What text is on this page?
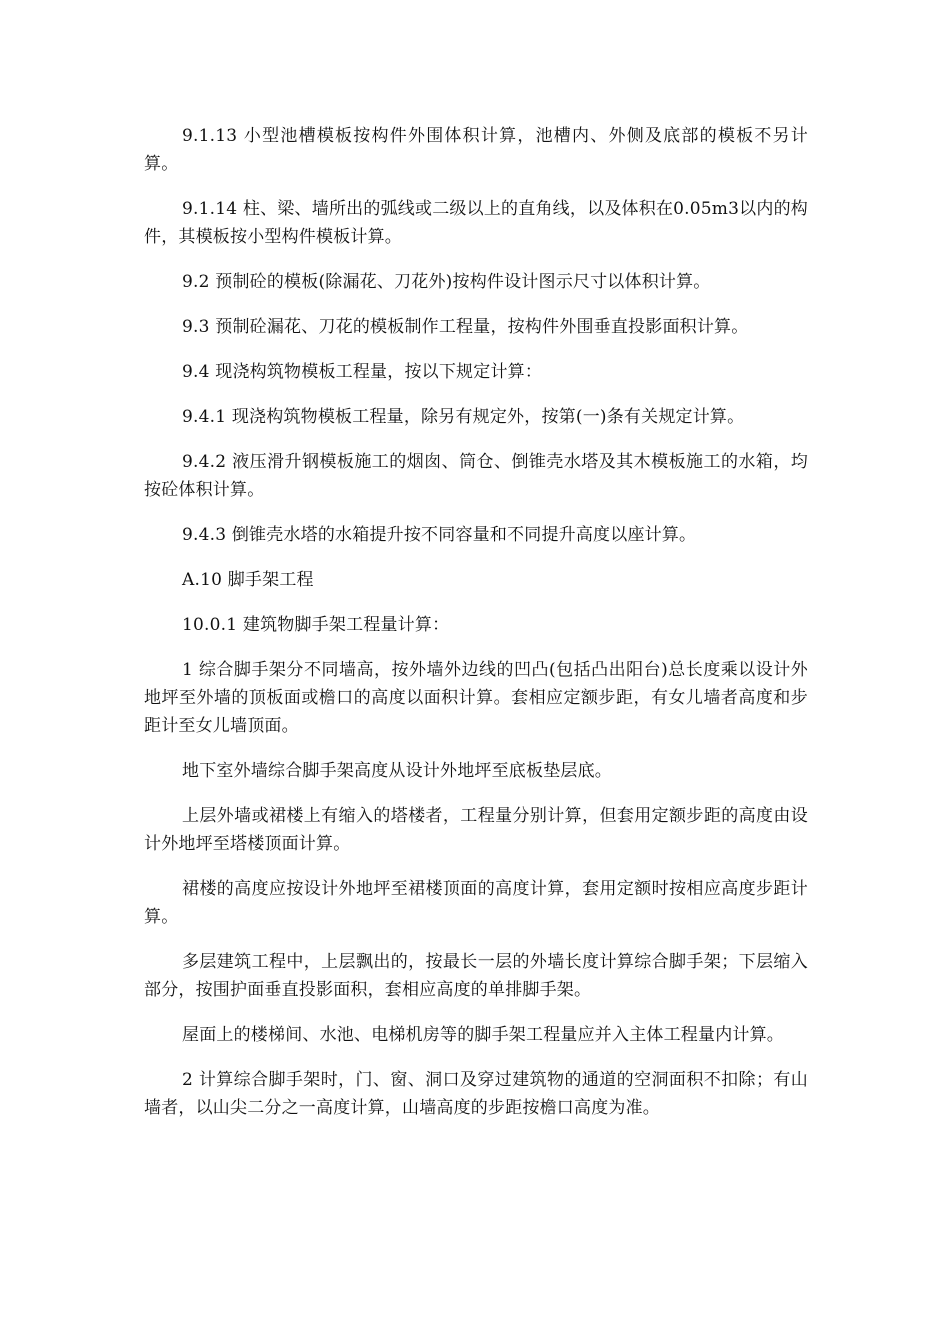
9.1.13 小型池槽模板按构件外围体积计算，池槽内、外侧及底部的模板不另计算。

9.1.14 柱、梁、墙所出的弧线或二级以上的直角线，以及体积在0.05m3以内的构件，其模板按小型构件模板计算。

9.2 预制砼的模板(除漏花、刀花外)按构件设计图示尺寸以体积计算。

9.3 预制砼漏花、刀花的模板制作工程量，按构件外围垂直投影面积计算。

9.4 现浇构筑物模板工程量，按以下规定计算：

9.4.1 现浇构筑物模板工程量，除另有规定外，按第(一)条有关规定计算。

9.4.2 液压滑升钢模板施工的烟囱、筒仓、倒锥壳水塔及其木模板施工的水箱，均按砼体积计算。

9.4.3 倒锥壳水塔的水箱提升按不同容量和不同提升高度以座计算。

A.10 脚手架工程

10.0.1 建筑物脚手架工程量计算：

1 综合脚手架分不同墙高，按外墙外边线的凹凸(包括凸出阳台)总长度乘以设计外地坪至外墙的顶板面或檐口的高度以面积计算。套相应定额步距，有女儿墙者高度和步距计至女儿墙顶面。

地下室外墙综合脚手架高度从设计外地坪至底板垫层底。

上层外墙或裙楼上有缩入的塔楼者，工程量分别计算，但套用定额步距的高度由设计外地坪至塔楼顶面计算。

裙楼的高度应按设计外地坪至裙楼顶面的高度计算，套用定额时按相应高度步距计算。

多层建筑工程中，上层飘出的，按最长一层的外墙长度计算综合脚手架；下层缩入部分，按围护面垂直投影面积，套相应高度的单排脚手架。

屋面上的楼梯间、水池、电梯机房等的脚手架工程量应并入主体工程量内计算。

2 计算综合脚手架时，门、窗、洞口及穿过建筑物的通道的空洞面积不扣除；有山墙者，以山尖二分之一高度计算，山墙高度的步距按檐口高度为准。
